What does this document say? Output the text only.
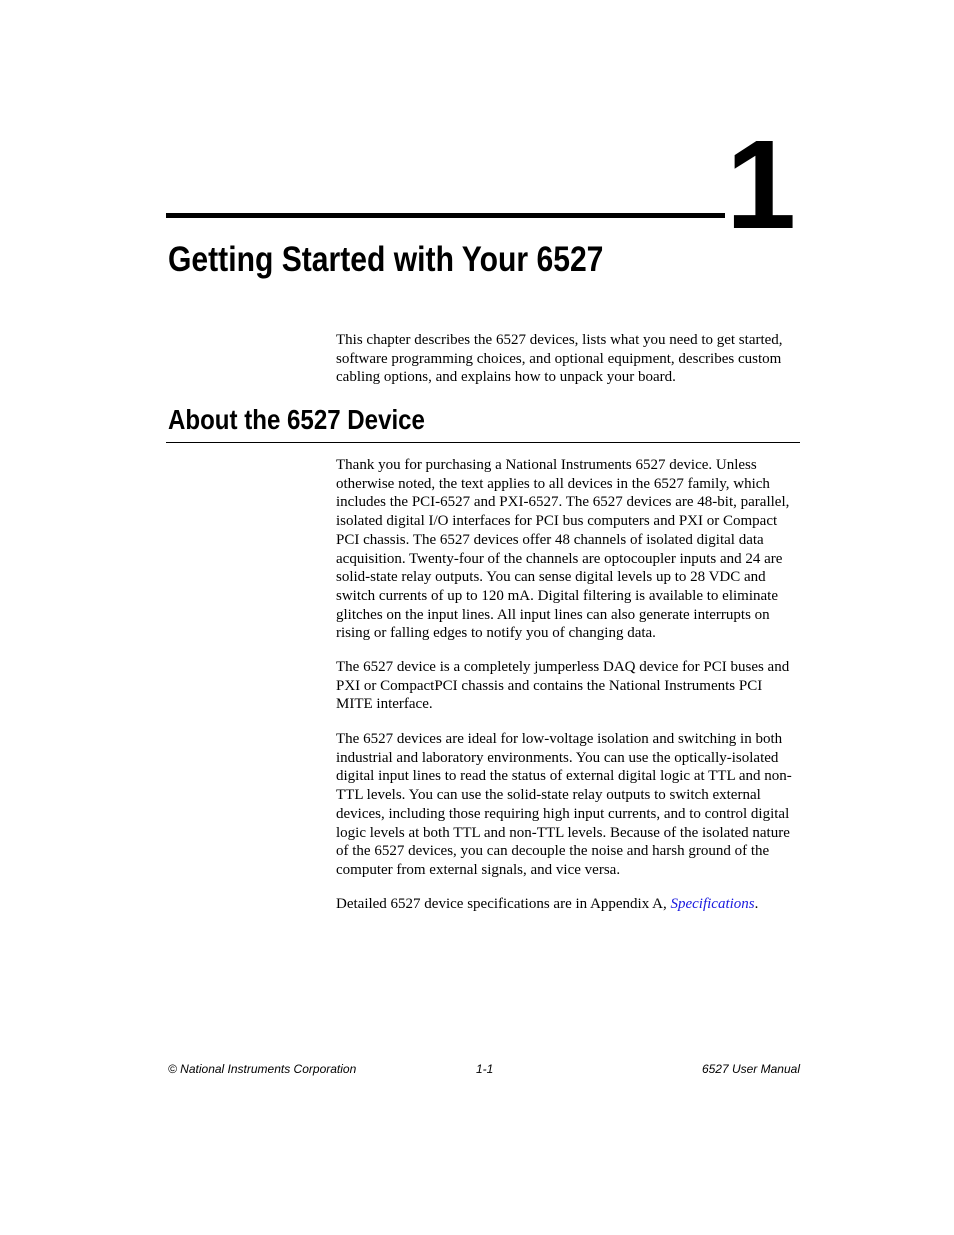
1
Getting Started with Your 6527

This chapter describes the 6527 devices, lists what you need to get started, software programming choices, and optional equipment, describes custom cabling options, and explains how to unpack your board.

About the 6527 Device

Thank you for purchasing a National Instruments 6527 device. Unless otherwise noted, the text applies to all devices in the 6527 family, which includes the PCI-6527 and PXI-6527. The 6527 devices are 48-bit, parallel, isolated digital I/O interfaces for PCI bus computers and PXI or Compact PCI chassis. The 6527 devices offer 48 channels of isolated digital data acquisition. Twenty-four of the channels are optocoupler inputs and 24 are solid-state relay outputs. You can sense digital levels up to 28 VDC and switch currents of up to 120 mA. Digital filtering is available to eliminate glitches on the input lines. All input lines can also generate interrupts on rising or falling edges to notify you of changing data.

The 6527 device is a completely jumperless DAQ device for PCI buses and PXI or CompactPCI chassis and contains the National Instruments PCI MITE interface.

The 6527 devices are ideal for low-voltage isolation and switching in both industrial and laboratory environments. You can use the optically-isolated digital input lines to read the status of external digital logic at TTL and non-TTL levels. You can use the solid-state relay outputs to switch external devices, including those requiring high input currents, and to control digital logic levels at both TTL and non-TTL levels. Because of the isolated nature of the 6527 devices, you can decouple the noise and harsh ground of the computer from external signals, and vice versa.

Detailed 6527 device specifications are in Appendix A, Specifications.

© National Instruments Corporation	1-1	6527 User Manual
